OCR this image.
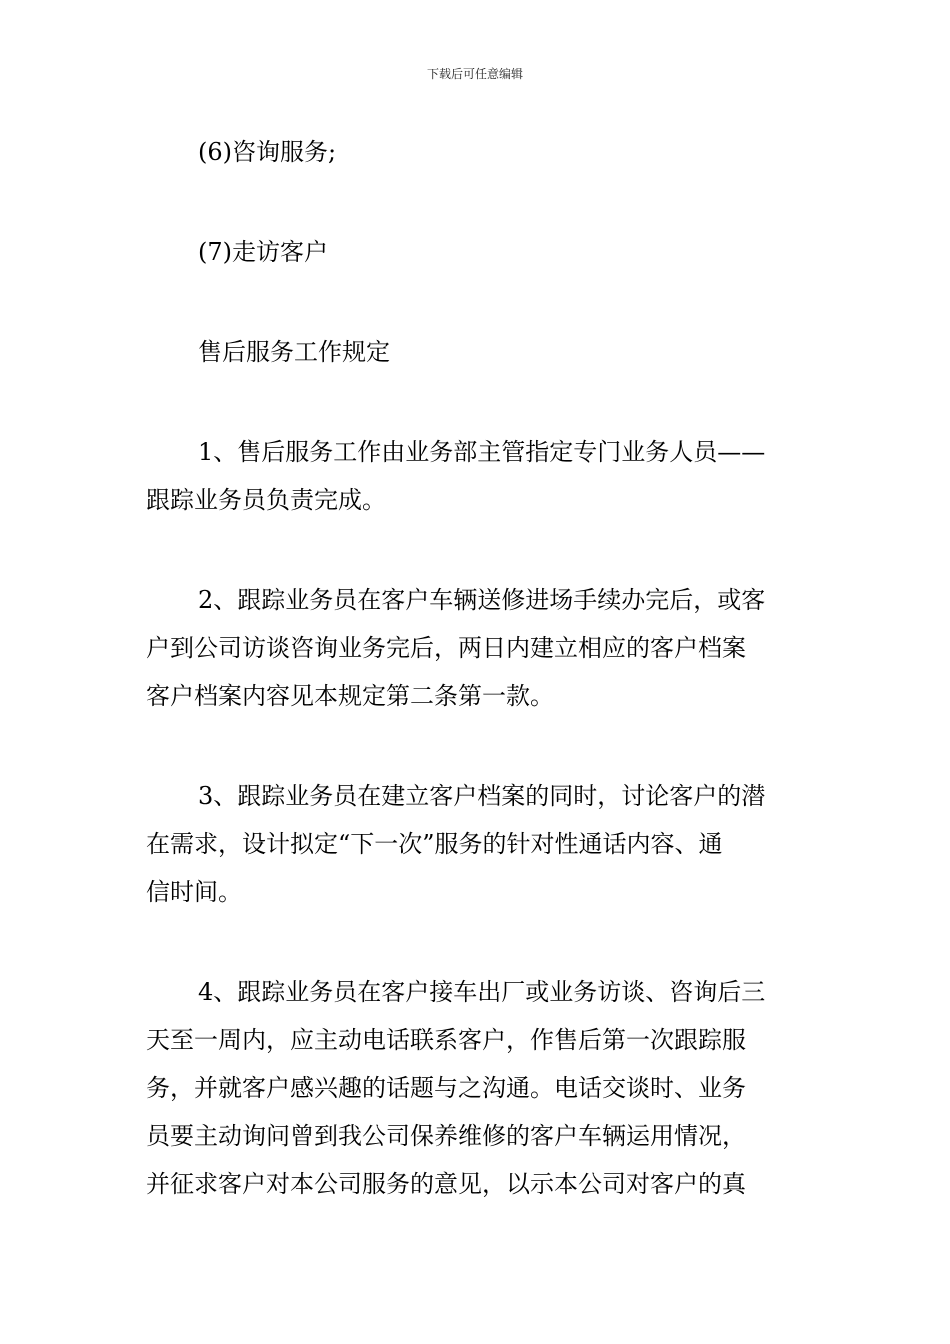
下载后可任意编辑
(6)咨询服务;
(7)走访客户
售后服务工作规定
1、售后服务工作由业务部主管指定专门业务人员——
跟踪业务员负责完成。
2、跟踪业务员在客户车辆送修进场手续办完后，或客
户到公司访谈咨询业务完后，两日内建立相应的客户档案
客户档案内容见本规定第二条第一款。
3、跟踪业务员在建立客户档案的同时，讨论客户的潜
在需求，设计拟定“下一次”服务的针对性通话内容、通
信时间。
4、跟踪业务员在客户接车出厂或业务访谈、咨询后三
天至一周内，应主动电话联系客户，作售后第一次跟踪服
务，并就客户感兴趣的话题与之沟通。电话交谈时、业务
员要主动询问曾到我公司保养维修的客户车辆运用情况，
并征求客户对本公司服务的意见，以示本公司对客户的真
